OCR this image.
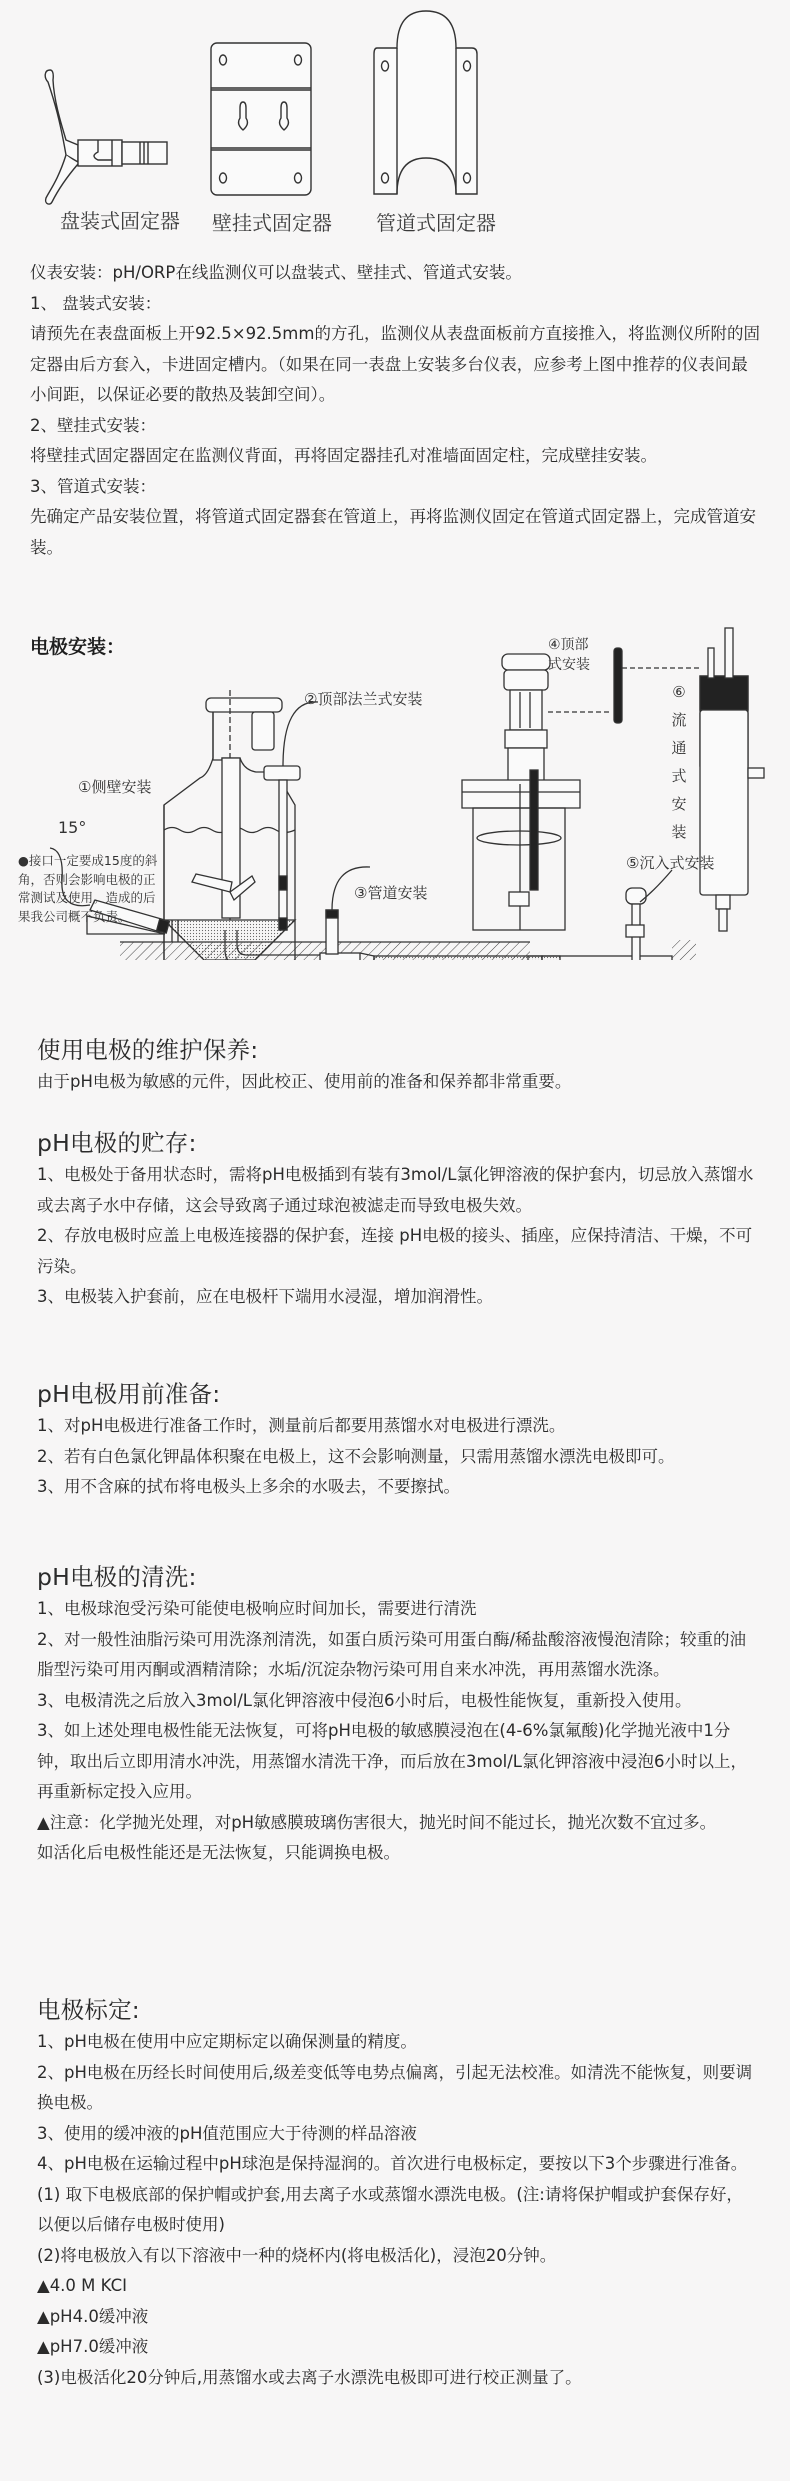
盘装式固定器 壁挂式固定器 管道式固定器

仪表安装：pH/ORP在线监测仪可以盘装式、壁挂式、管道式安装。

1、 盘装式安装：

请预先在表盘面板上开92.5×92.5mm的方孔，监测仪从表盘面板前方直接推入，将监测仪所附的固定器由后方套入，卡进固定槽内。（如果在同一表盘上安装多台仪表，应参考上图中推荐的仪表间最小间距，以保证必要的散热及装卸空间）。

2、壁挂式安装：

将壁挂式固定器固定在监测仪背面，再将固定器挂孔对准墙面固定柱，完成壁挂安装。

3、管道式安装：

先确定产品安装位置，将管道式固定器套在管道上，再将监测仪固定在管道式固定器上，完成管道安装。

电极安装：
①侧壁安装
15°
②顶部法兰式安装
③管道安装
④顶部
式安装
⑤沉入式安装
⑥
流
通
式
安
装
●接口一定要成15度的斜角，否则会影响电极的正常测试及使用。造成的后果我公司概不负责。
使用电极的维护保养:

由于pH电极为敏感的元件，因此校正、使用前的准备和保养都非常重要。

pH电极的贮存:

1、电极处于备用状态时，需将pH电极插到有装有3mol/L氯化钾溶液的保护套内，切忌放入蒸馏水或去离子水中存储，这会导致离子通过球泡被滤走而导致电极失效。

2、存放电极时应盖上电极连接器的保护套，连接 pH电极的接头、插座，应保持清洁、干燥，不可污染。

3、电极装入护套前，应在电极杆下端用水浸湿，增加润滑性。

pH电极用前准备:

1、对pH电极进行准备工作时，测量前后都要用蒸馏水对电极进行漂洗。

2、若有白色氯化钾晶体积聚在电极上，这不会影响测量，只需用蒸馏水漂洗电极即可。

3、用不含麻的拭布将电极头上多余的水吸去，不要擦拭。

pH电极的清洗:

1、电极球泡受污染可能使电极响应时间加长，需要进行清洗

2、对一般性油脂污染可用洗涤剂清洗，如蛋白质污染可用蛋白酶/稀盐酸溶液慢泡清除；较重的油脂型污染可用丙酮或酒精清除；水垢/沉淀杂物污染可用自来水冲洗，再用蒸馏水洗涤。

3、电极清洗之后放入3mol/L氯化钾溶液中侵泡6小时后，电极性能恢复，重新投入使用。

3、如上述处理电极性能无法恢复，可将pH电极的敏感膜浸泡在(4-6%氯氟酸)化学抛光液中1分钟，取出后立即用清水冲洗，用蒸馏水清洗干净，而后放在3mol/L氯化钾溶液中浸泡6小时以上，再重新标定投入应用。

▲注意：化学抛光处理，对pH敏感膜玻璃伤害很大，抛光时间不能过长，抛光次数不宜过多。

如活化后电极性能还是无法恢复，只能调换电极。

电极标定:

1、pH电极在使用中应定期标定以确保测量的精度。

2、pH电极在历经长时间使用后,级差变低等电势点偏离，引起无法校准。如清洗不能恢复，则要调换电极。

3、使用的缓冲液的pH值范围应大于待测的样品溶液

4、pH电极在运输过程中pH球泡是保持湿润的。首次进行电极标定，要按以下3个步骤进行准备。

(1) 取下电极底部的保护帽或护套,用去离子水或蒸馏水漂洗电极。(注:请将保护帽或护套保存好，以便以后储存电极时使用)

(2)将电极放入有以下溶液中一种的烧杯内(将电极活化)，浸泡20分钟。

▲4.0 M KCI

▲pH4.0缓冲液

▲pH7.0缓冲液

(3)电极活化20分钟后,用蒸馏水或去离子水漂洗电极即可进行校正测量了。
